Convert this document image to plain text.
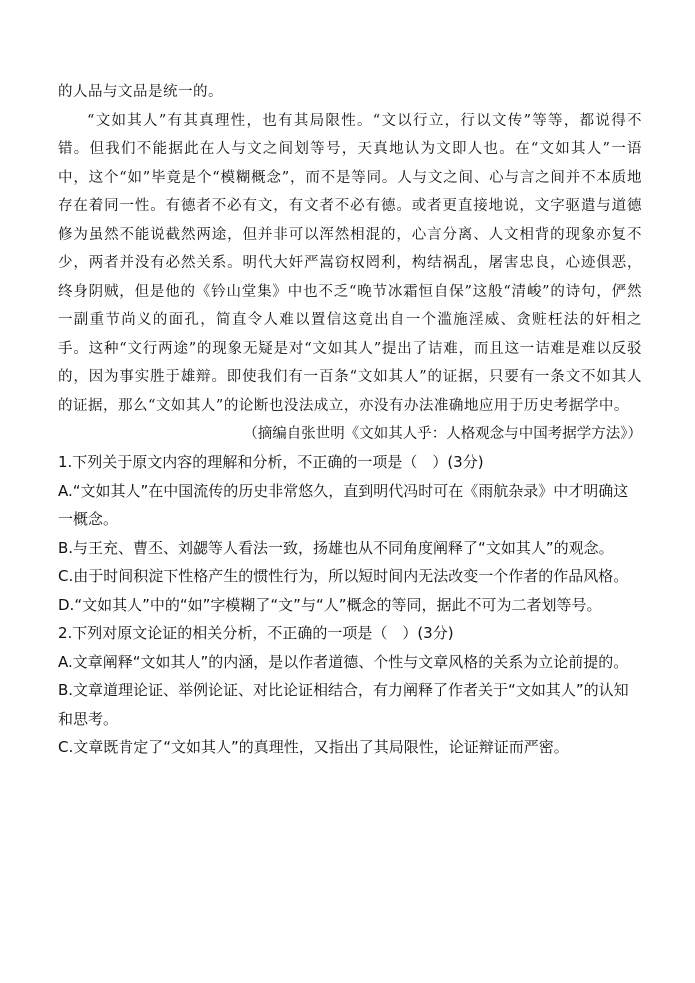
的人品与文品是统一的。

“文如其人”有其真理性，也有其局限性。“文以行立，行以文传”等等，都说得不错。但我们不能据此在人与文之间划等号，天真地认为文即人也。在“文如其人”一语中，这个“如”毕竟是个“模糊概念”，而不是等同。人与文之间、心与言之间并不本质地存在着同一性。有德者不必有文，有文者不必有德。或者更直接地说，文字驱遣与道德修为虽然不能说截然两途，但并非可以浑然相混的，心言分离、人文相背的现象亦复不少，两者并没有必然关系。明代大奸严嵩窃权罔利，构结祸乱，屠害忠良，心迹俱恶，终身阴贼，但是他的《钤山堂集》中也不乏“晚节冰霜恒自保”这般“清峻”的诗句，俨然一副重节尚义的面孔，简直令人难以置信这竟出自一个滥施淫威、贪赃枉法的奸相之手。这种“文行两途”的现象无疑是对“文如其人”提出了诘难，而且这一诘难是难以反驳的，因为事实胜于雄辩。即使我们有一百条“文如其人”的证据，只要有一条文不如其人的证据，那么“文如其人”的论断也没法成立，亦没有办法准确地应用于历史考据学中。

（摘编自张世明《文如其人乎：人格观念与中国考据学方法》）

1.下列关于原文内容的理解和分析，不正确的一项是（　）(3分)

A.“文如其人”在中国流传的历史非常悠久，直到明代冯时可在《雨航杂录》中才明确这一概念。

B.与王充、曹丕、刘勰等人看法一致，扬雄也从不同角度阐释了“文如其人”的观念。

C.由于时间积淀下性格产生的惯性行为，所以短时间内无法改变一个作者的作品风格。

D.“文如其人”中的“如”字模糊了“文”与“人”概念的等同，据此不可为二者划等号。

2.下列对原文论证的相关分析，不正确的一项是（　）(3分)

A.文章阐释“文如其人”的内涵，是以作者道德、个性与文章风格的关系为立论前提的。

B.文章道理论证、举例论证、对比论证相结合，有力阐释了作者关于“文如其人”的认知和思考。

C.文章既肯定了“文如其人”的真理性，又指出了其局限性，论证辩证而严密。
